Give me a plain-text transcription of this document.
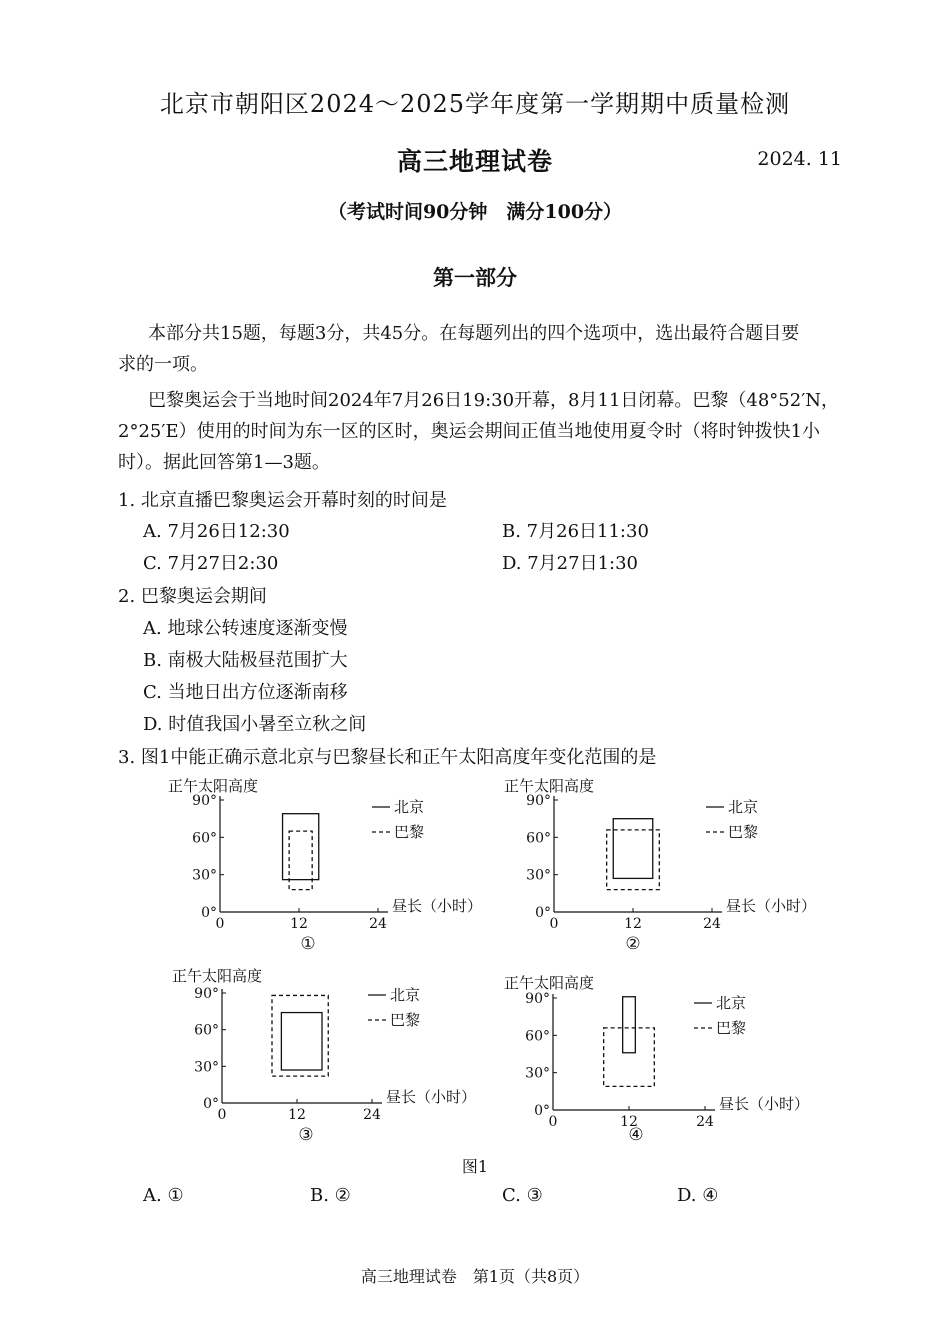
北京市朝阳区2024～2025学年度第一学期期中质量检测
高三地理试卷	2024. 11
（考试时间90分钟　满分100分）
第一部分
本部分共15题，每题3分，共45分。在每题列出的四个选项中，选出最符合题目要
求的一项。
巴黎奥运会于当地时间2024年7月26日19:30开幕，8月11日闭幕。巴黎（48°52′N，
2°25′E）使用的时间为东一区的区时，奥运会期间正值当地使用夏令时（将时钟拨快1小
时）。据此回答第1—3题。
1. 北京直播巴黎奥运会开幕时刻的时间是
A. 7月26日12:30	B. 7月26日11:30
C. 7月27日2:30	D. 7月27日1:30
2. 巴黎奥运会期间
A. 地球公转速度逐渐变慢
B. 南极大陆极昼范围扩大
C. 当地日出方位逐渐南移
D. 时值我国小暑至立秋之间
3. 图1中能正确示意北京与巴黎昼长和正午太阳高度年变化范围的是
正午太阳高度
90°
60°
30°
0°
0	12	24
昼长（小时）
北京
巴黎
①
正午太阳高度
90°
60°
30°
0°
0	12	24
昼长（小时）
北京
巴黎
②
正午太阳高度
90°
60°
30°
0°
0	12	24
昼长（小时）
北京
巴黎
③
正午太阳高度
90°
60°
30°
0°
0	12	24
昼长（小时）
北京
巴黎
④
图1
A. ①	B. ②	C. ③	D. ④
高三地理试卷　第1页（共8页）
